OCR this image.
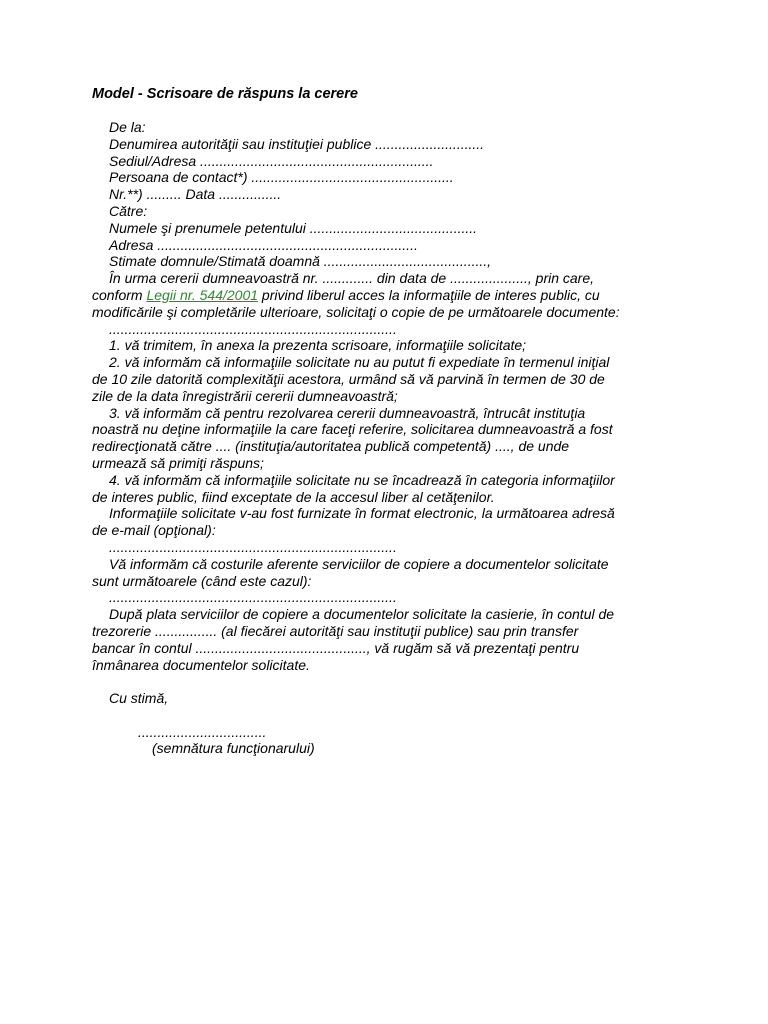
Model - Scrisoare de răspuns la cerere
De la:
Denumirea autorităţii sau instituţiei publice ............................
Sediul/Adresa ............................................................
Persoana de contact*) ....................................................
Nr.**) ......... Data ................
Către:
Numele şi prenumele petentului ...........................................
Adresa ...................................................................
Stimate domnule/Stimată doamnă ..........................................,
În urma cererii dumneavoastră nr. ............. din data de ...................., prin care,
conform Legii nr. 544/2001 privind liberul acces la informaţiile de interes public, cu
modificările şi completările ulterioare, solicitaţi o copie de pe următoarele documente:
..........................................................................
1. vă trimitem, în anexa la prezenta scrisoare, informaţiile solicitate;
2. vă informăm că informaţiile solicitate nu au putut fi expediate în termenul iniţial
de 10 zile datorită complexităţii acestora, urmând să vă parvină în termen de 30 de
zile de la data înregistrării cererii dumneavoastră;
3. vă informăm că pentru rezolvarea cererii dumneavoastră, întrucât instituţia
noastră nu deţine informaţiile la care faceţi referire, solicitarea dumneavoastră a fost
redirecţionată către .... (instituţia/autoritatea publică competentă) ...., de unde
urmează să primiţi răspuns;
4. vă informăm că informaţiile solicitate nu se încadrează în categoria informaţiilor
de interes public, fiind exceptate de la accesul liber al cetăţenilor.
Informaţiile solicitate v-au fost furnizate în format electronic, la următoarea adresă
de e-mail (opţional):
..........................................................................
Vă informăm că costurile aferente serviciilor de copiere a documentelor solicitate
sunt următoarele (când este cazul):
..........................................................................
După plata serviciilor de copiere a documentelor solicitate la casierie, în contul de
trezorerie ................ (al fiecărei autorităţi sau instituţii publice) sau prin transfer
bancar în contul ............................................, vă rugăm să vă prezentaţi pentru
înmânarea documentelor solicitate.
Cu stimă,
.................................
(semnătura funcţionarului)
